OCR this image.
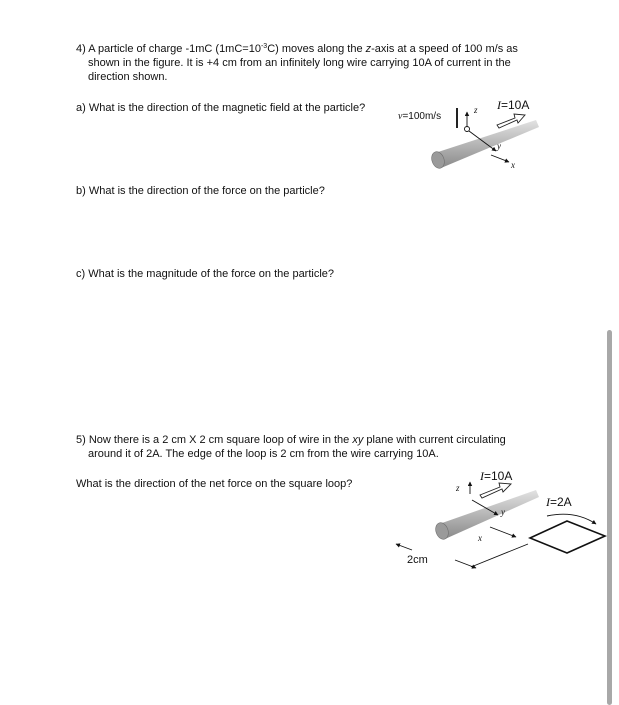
4) A particle of charge -1mC $(1mC=10^{-3}C)$ moves along the z-axis at a speed of 100 m/s as
shown in the figure. It is +4 cm from an infinitely long wire carrying 10A of current in the
direction shown.
a) What is the direction of the magnetic field at the particle?
b) What is the direction of the force on the particle?
c) What is the magnitude of the force on the particle?
v=100m/s
z I=10A
y
x
5) Now there is a 2 cm X 2 cm square loop of wire in the xy plane with current circulating
around it of 2A. The edge of the loop is 2 cm from the wire carrying 10A.
What is the direction of the net force on the square loop?	z
I=10A
y
x
I=2A
2cm
